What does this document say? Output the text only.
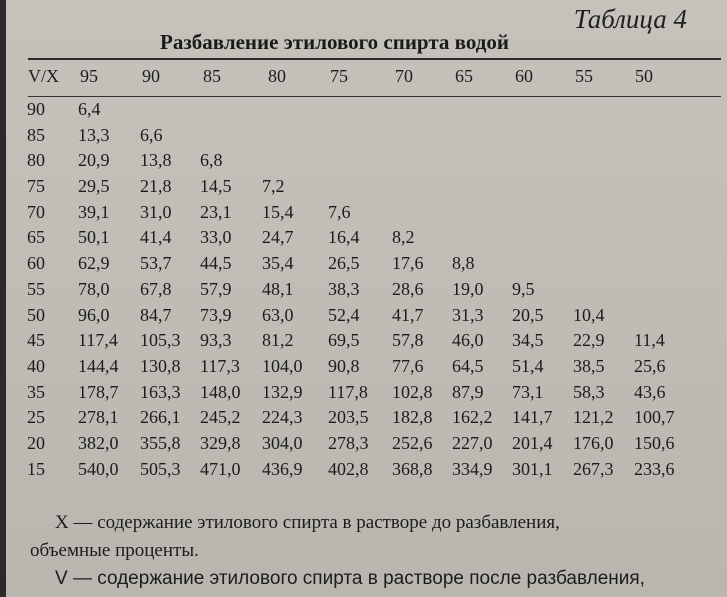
Таблица 4
Разбавление этилового спирта водой
V/X 95 90 85	80 75	70 65 60 55 50
90 6,4
85 13,3 6,6
80 20,9 13,8 6,8
75 29,5 21,8 14,5 7,2
70 39,1 31,0 23,1 15,4 7,6
65 50,1 41,4 33,0 24,7 16,4 8,2
60 62,9 53,7 44,5 35,4 26,5 17,6 8,8
55 78,0 67,8 57,9 48,1 38,3 28,6 19,0 9,5
50 96,0 84,7 73,9 63,0 52,4 41,7 31,3 20,5 10,4
45 117,4 105,3 93,3 81,2 69,5 57,8 46,0 34,5 22,9 11,4
40 144,4 130,8 117,3 104,0 90,8 77,6 64,5 51,4 38,5 25,6
35 178,7 163,3 148,0 132,9 117,8 102,8 87,9 73,1 58,3 43,6
25 278,1 266,1 245,2 224,3 203,5 182,8 162,2 141,7 121,2 100,7
20 382,0 355,8 329,8 304,0 278,3 252,6 227,0 201,4 176,0 150,6
15 540,0 505,3 471,0 436,9 402,8 368,8 334,9 301,1 267,3 233,6
X — содержание этилового спирта в растворе до разбавления,
объемные проценты.
V — содержание этилового спирта в растворе после разбавления,
